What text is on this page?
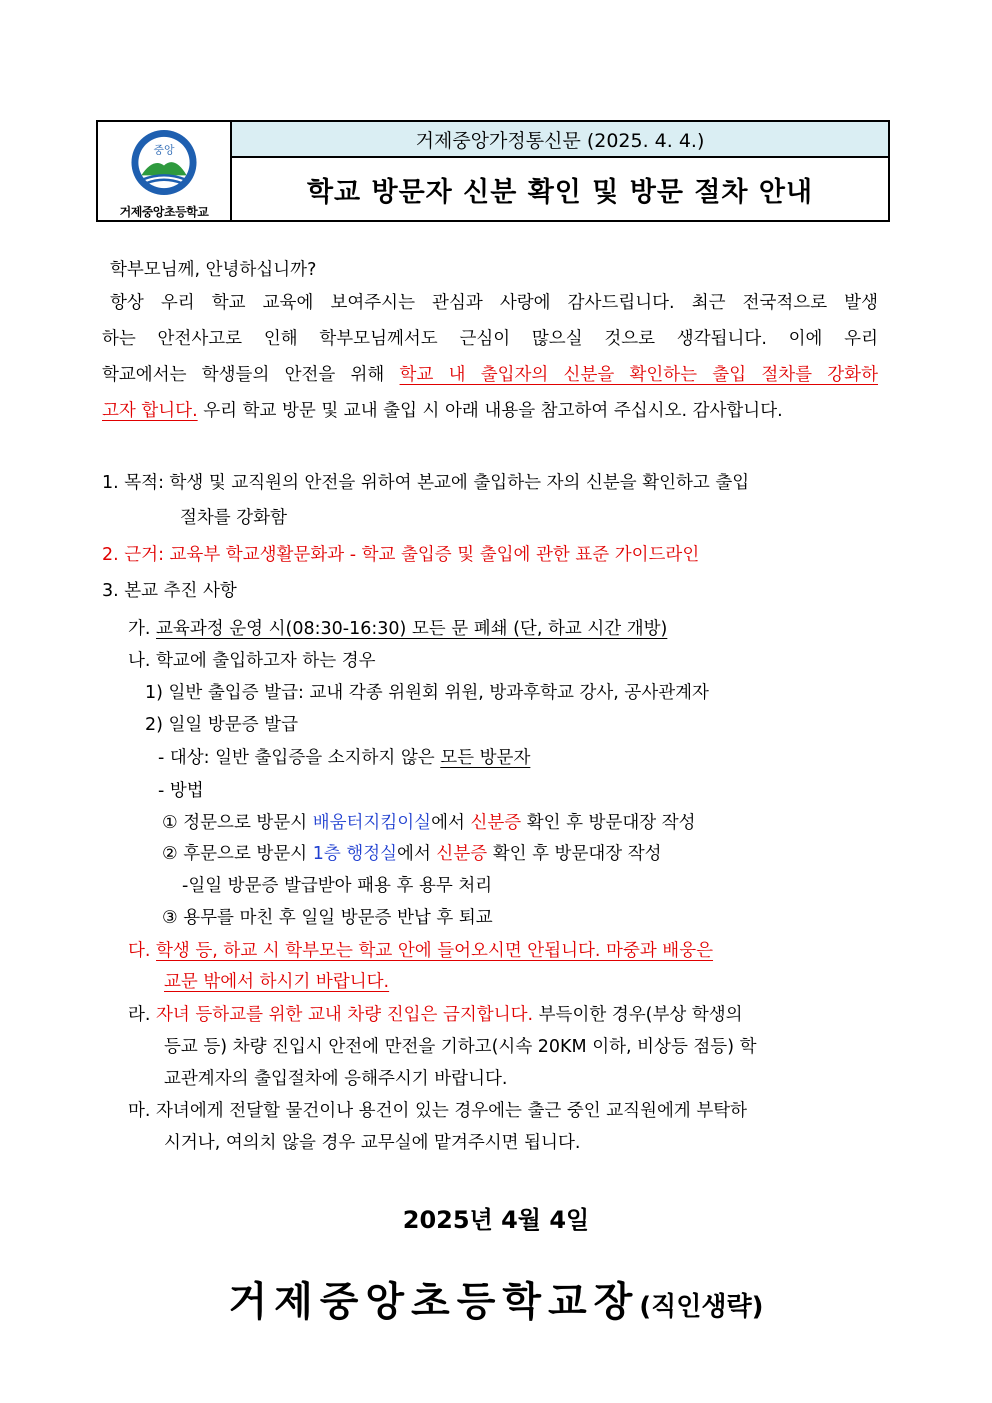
중앙
거제중앙초등학교
거제중앙가정통신문 (2025. 4. 4.)
학교 방문자 신분 확인 및 방문 절차 안내
학부모님께, 안녕하십니까?
항상 우리 학교 교육에 보여주시는 관심과 사랑에 감사드립니다. 최근 전국적으로 발생
하는 안전사고로 인해 학부모님께서도 근심이 많으실 것으로 생각됩니다. 이에 우리
학교에서는 학생들의 안전을 위해 학교 내 출입자의 신분을 확인하는 출입 절차를 강화하
고자 합니다. 우리 학교 방문 및 교내 출입 시 아래 내용을 참고하여 주십시오. 감사합니다.
1. 목적: 학생 및 교직원의 안전을 위하여 본교에 출입하는 자의 신분을 확인하고 출입
절차를 강화함
2. 근거: 교육부 학교생활문화과 - 학교 출입증 및 출입에 관한 표준 가이드라인
3. 본교 추진 사항
가. 교육과정 운영 시(08:30-16:30) 모든 문 폐쇄 (단, 하교 시간 개방)
나. 학교에 출입하고자 하는 경우
1) 일반 출입증 발급: 교내 각종 위원회 위원, 방과후학교 강사, 공사관계자
2) 일일 방문증 발급
- 대상: 일반 출입증을 소지하지 않은 모든 방문자
- 방법
① 정문으로 방문시 배움터지킴이실에서 신분증 확인 후 방문대장 작성
② 후문으로 방문시 1층 행정실에서 신분증 확인 후 방문대장 작성
-일일 방문증 발급받아 패용 후 용무 처리
③ 용무를 마친 후 일일 방문증 반납 후 퇴교
다. 학생 등, 하교 시 학부모는 학교 안에 들어오시면 안됩니다. 마중과 배웅은
교문 밖에서 하시기 바랍니다.
라. 자녀 등하교를 위한 교내 차량 진입은 금지합니다. 부득이한 경우(부상 학생의
등교 등) 차량 진입시 안전에 만전을 기하고(시속 20KM 이하, 비상등 점등) 학
교관계자의 출입절차에 응해주시기 바랍니다.
마. 자녀에게 전달할 물건이나 용건이 있는 경우에는 출근 중인 교직원에게 부탁하
시거나, 여의치 않을 경우 교무실에 맡겨주시면 됩니다.
2025년 4월 4일
거제중앙초등학교장(직인생략)
